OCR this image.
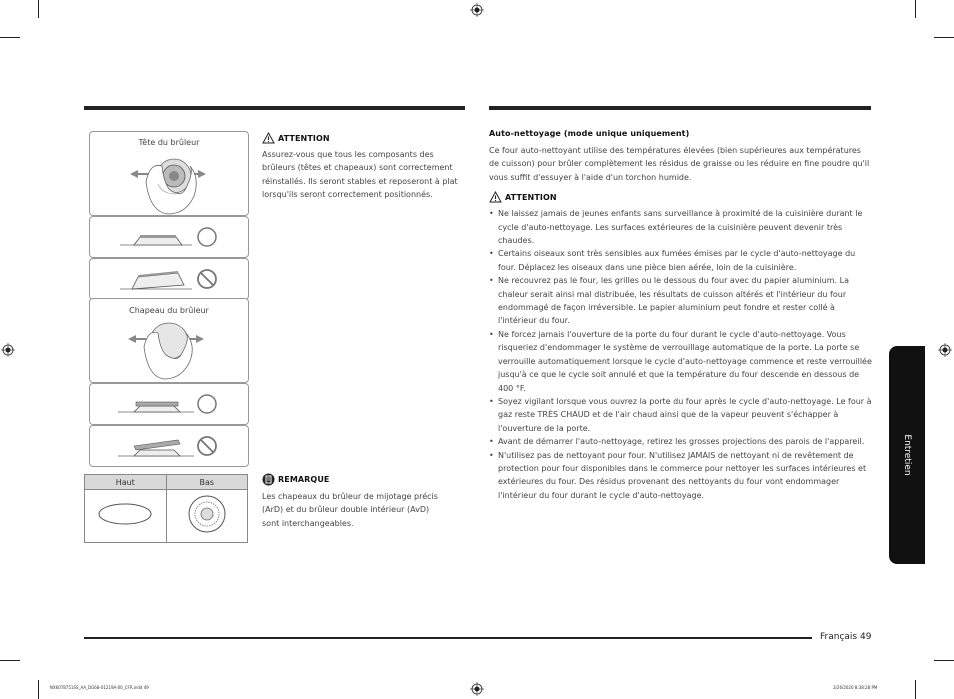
Tête du brûleur
Chapeau du brûleur
Haut	Bas

ATTENTION
Assurez-vous que tous les composants des brûleurs (têtes et chapeaux) sont correctement réinstallés. Ils seront stables et reposeront à plat lorsqu'ils seront correctement positionnés.
REMARQUE
Les chapeaux du brûleur de mijotage précis (ArD) et du brûleur double intérieur (AvD) sont interchangeables.
Auto-nettoyage (mode unique uniquement)
Ce four auto-nettoyant utilise des températures élevées (bien supérieures aux températures de cuisson) pour brûler complètement les résidus de graisse ou les réduire en fine poudre qu'il vous suffit d'essuyer à l'aide d'un torchon humide.
ATTENTION
• Ne laissez jamais de jeunes enfants sans surveillance à proximité de la cuisinière durant le cycle d'auto-nettoyage. Les surfaces extérieures de la cuisinière peuvent devenir très chaudes.
• Certains oiseaux sont très sensibles aux fumées émises par le cycle d'auto-nettoyage du four. Déplacez les oiseaux dans une pièce bien aérée, loin de la cuisinière.
• Ne recouvrez pas le four, les grilles ou le dessous du four avec du papier aluminium. La chaleur serait ainsi mal distribuée, les résultats de cuisson altérés et l'intérieur du four endommagé de façon irréversible. Le papier aluminium peut fondre et rester collé à l'intérieur du four.
• Ne forcez jamais l'ouverture de la porte du four durant le cycle d'auto-nettoyage. Vous risqueriez d'endommager le système de verrouillage automatique de la porte. La porte se verrouille automatiquement lorsque le cycle d'auto-nettoyage commence et reste verrouillée jusqu'à ce que le cycle soit annulé et que la température du four descende en dessous de 400 °F.
• Soyez vigilant lorsque vous ouvrez la porte du four après le cycle d'auto-nettoyage. Le four à gaz reste TRÈS CHAUD et de l'air chaud ainsi que de la vapeur peuvent s'échapper à l'ouverture de la porte.
• Avant de démarrer l'auto-nettoyage, retirez les grosses projections des parois de l'appareil.
• N'utilisez pas de nettoyant pour four. N'utilisez JAMAIS de nettoyant ni de revêtement de protection pour four disponibles dans le commerce pour nettoyer les surfaces intérieures et extérieures du four. Des résidus provenant des nettoyants du four vont endommager l'intérieur du four durant le cycle d'auto-nettoyage.
Entretien
Français 49
NX60T8751SS_AA_DG68-01219A-00_CFR.indd 49	3/26/2020 8:38:28 PM
